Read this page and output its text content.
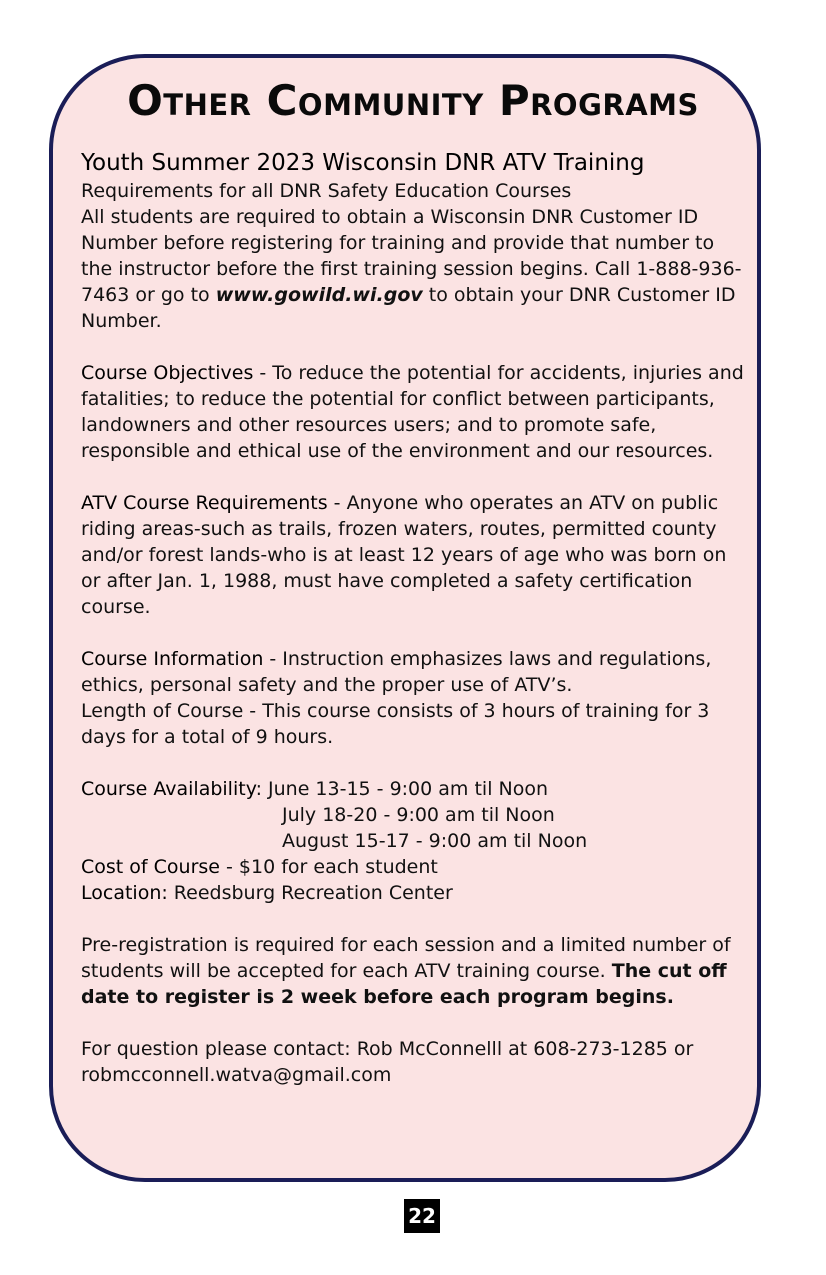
Other Community Programs

Youth Summer 2023 Wisconsin DNR ATV Training

Requirements for all DNR Safety Education Courses

All students are required to obtain a Wisconsin DNR Customer ID Number before registering for training and provide that number to the instructor before the first training session begins. Call 1-888-936-7463 or go to www.gowild.wi.gov to obtain your DNR Customer ID Number.

Course Objectives - To reduce the potential for accidents, injuries and fatalities; to reduce the potential for conflict between participants, landowners and other resources users; and to promote safe, responsible and ethical use of the environment and our resources.

ATV Course Requirements - Anyone who operates an ATV on public riding areas-such as trails, frozen waters, routes, permitted county and/or forest lands-who is at least 12 years of age who was born on or after Jan. 1, 1988, must have completed a safety certification course.

Course Information - Instruction emphasizes laws and regulations, ethics, personal safety and the proper use of ATV’s.

Length of Course - This course consists of 3 hours of training for 3 days for a total of 9 hours.

Course Availability: June 13-15 - 9:00 am til Noon

July 18-20 - 9:00 am til Noon

August 15-17 - 9:00 am til Noon

Cost of Course - $10 for each student

Location: Reedsburg Recreation Center

Pre-registration is required for each session and a limited number of students will be accepted for each ATV training course. The cut off date to register is 2 week before each program begins.

For question please contact: Rob McConnelll at 608-273-1285 or robmcconnell.watva@gmail.com

22
